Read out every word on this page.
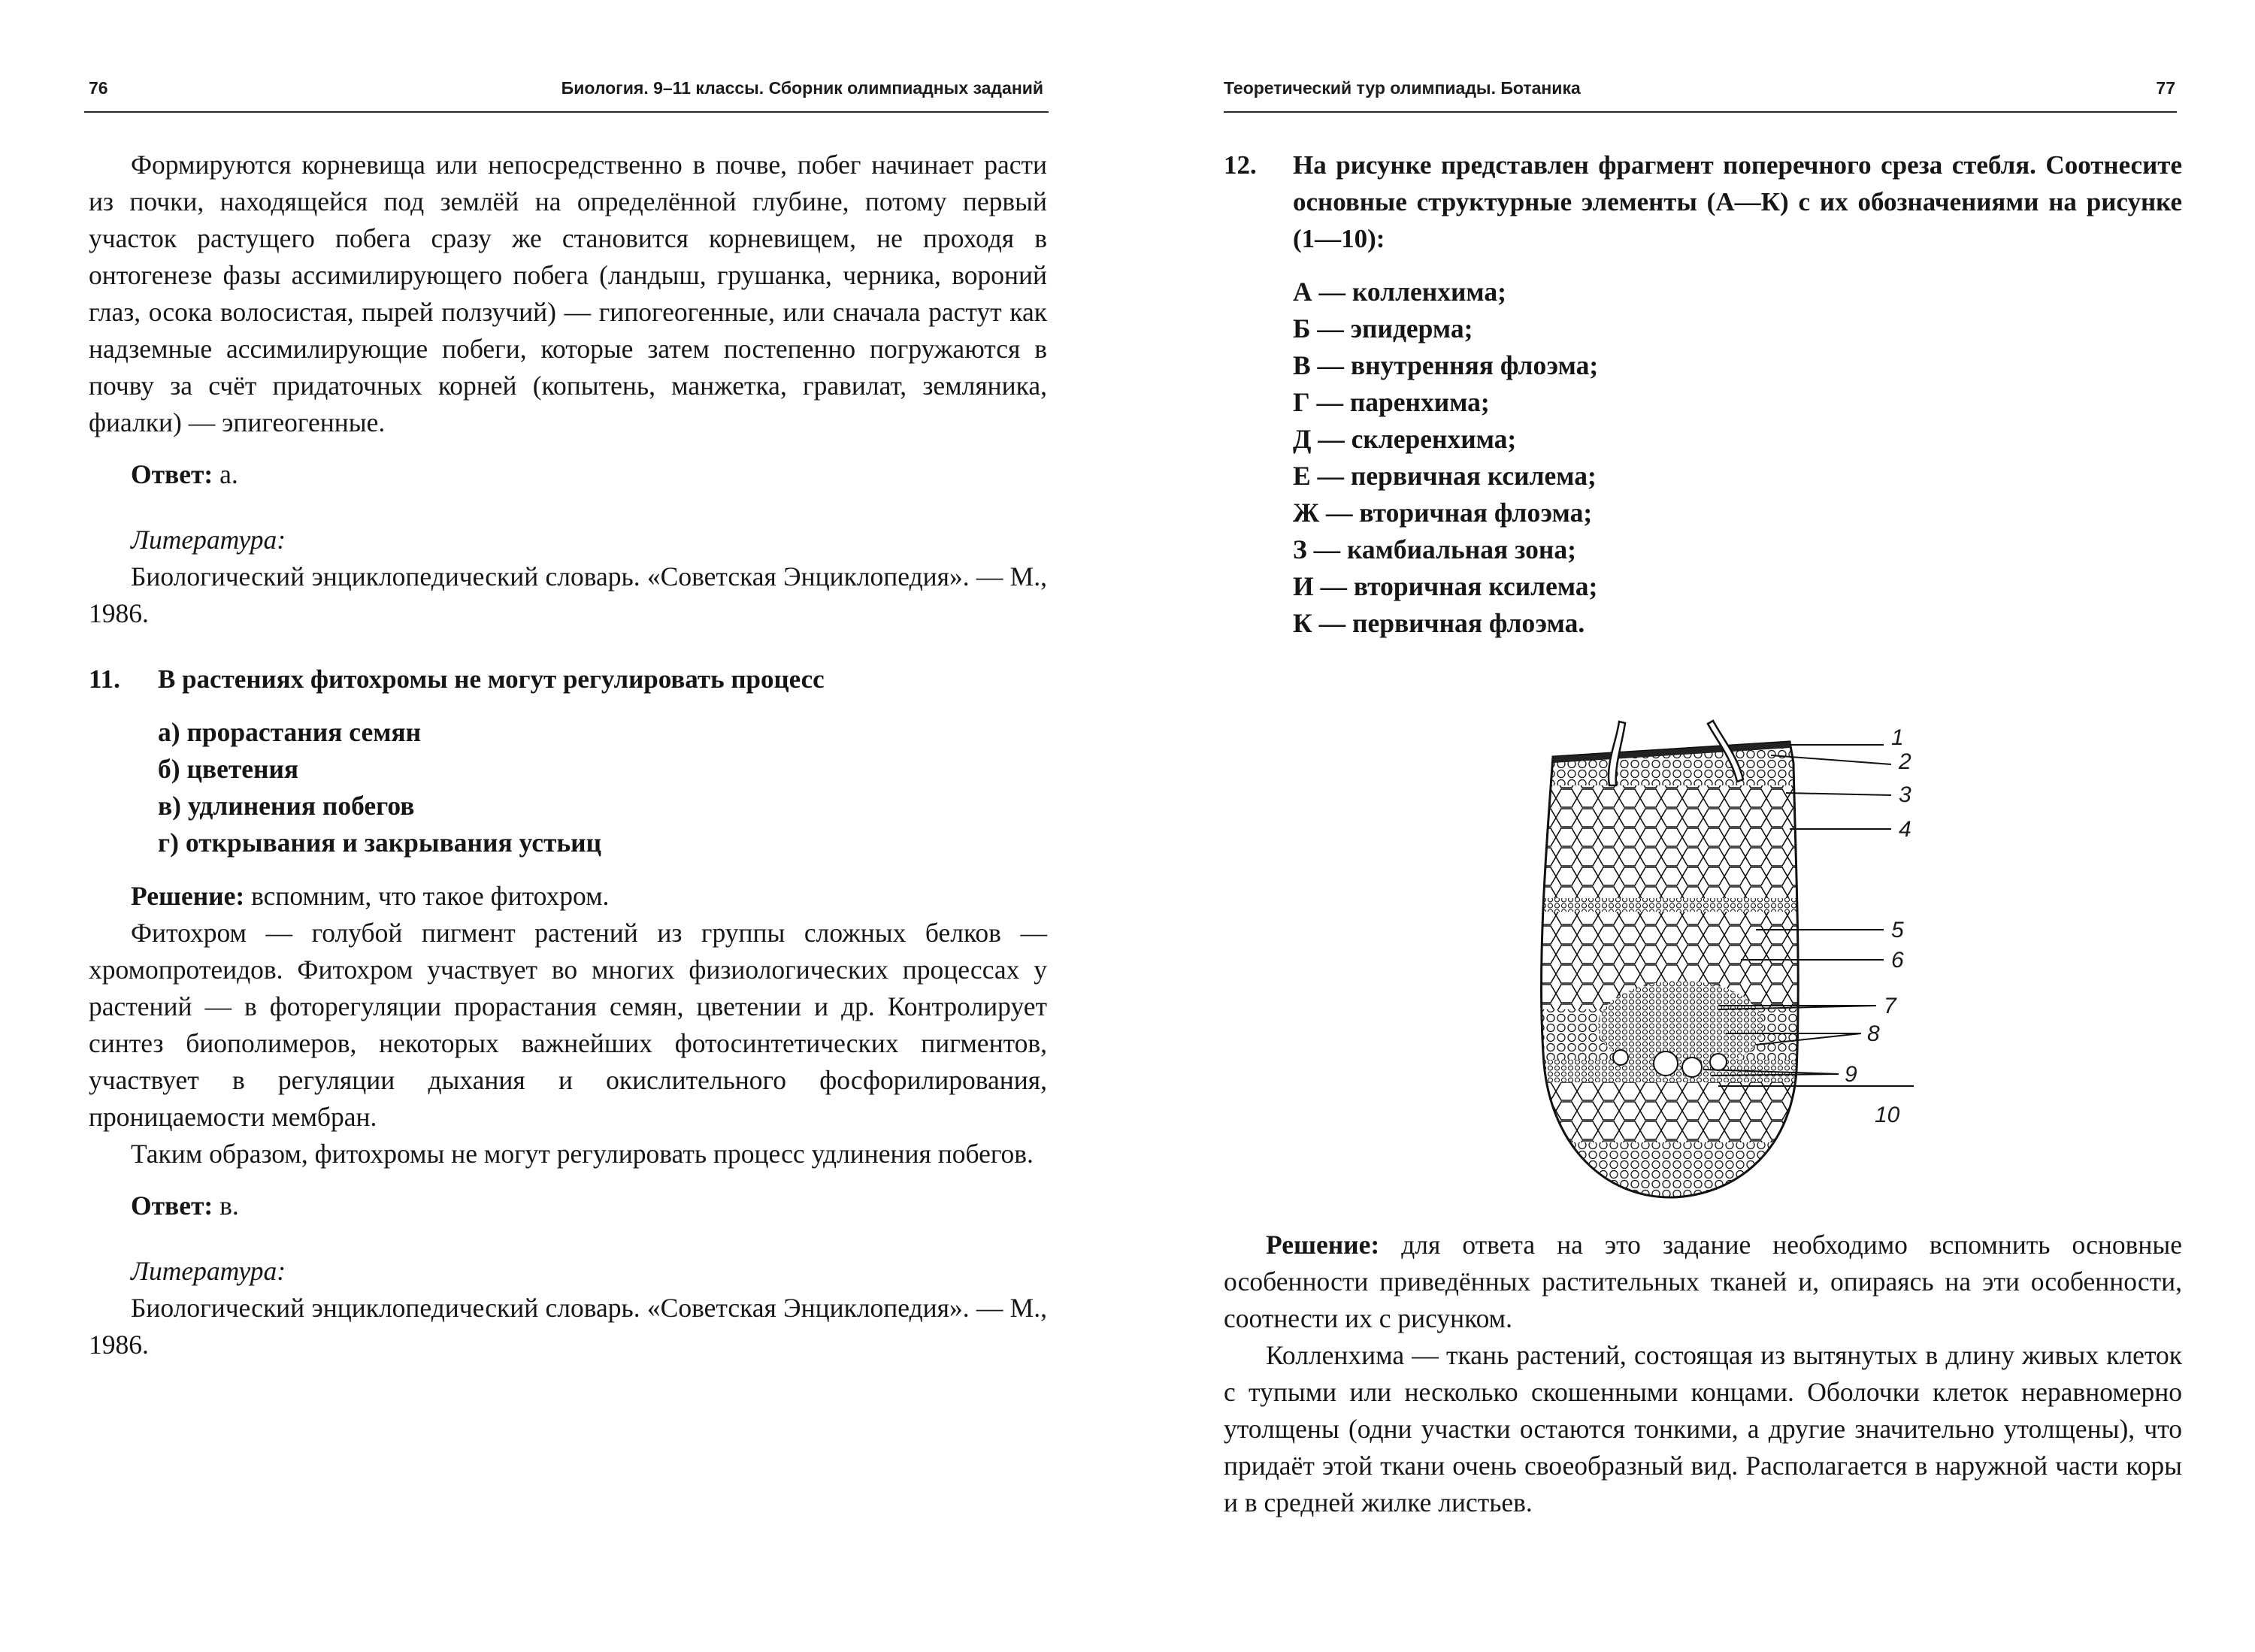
76	Биология. 9–11 классы. Сборник олимпиадных заданий

Формируются корневища или непосредственно в почве, побег начинает расти из почки, находящейся под землёй на определённой глубине, потому первый участок растущего побега сразу же становится корневищем, не проходя в онтогенезе фазы ассимилирующего побега (ландыш, грушанка, черника, вороний глаз, осока волосистая, пырей ползучий) — гипогеогенные, или сначала растут как надземные ассимилирующие побеги, которые затем постепенно погружаются в почву за счёт придаточных корней (копытень, манжетка, гравилат, земляника, фиалки) — эпигеогенные.

Ответ: а.

Литература:

Биологический энциклопедический словарь. «Советская Энциклопедия». — М., 1986.

11. В растениях фитохромы не могут регулировать процесс

а) прорастания семян
б) цветения
в) удлинения побегов
г) открывания и закрывания устьиц

Решение: вспомним, что такое фитохром.

Фитохром — голубой пигмент растений из группы сложных белков — хромопротеидов. Фитохром участвует во многих физиологических процессах у растений — в фоторегуляции прорастания семян, цветении и др. Контролирует синтез биополимеров, некоторых важнейших фотосинтетических пигментов, участвует в регуляции дыхания и окислительного фосфорилирования, проницаемости мембран.

Таким образом, фитохромы не могут регулировать процесс удлинения побегов.

Ответ: в.

Литература:

Биологический энциклопедический словарь. «Советская Энциклопедия». — М., 1986.

Теоретический тур олимпиады. Ботаника	77
12.	На рисунке представлен фрагмент поперечного среза стебля. Соотнесите основные структурные элементы (А—К) с их обозначениями на рисунке (1—10):

А — колленхима;
Б — эпидерма;
В — внутренняя флоэма;
Г — паренхима;
Д — склеренхима;
Е — первичная ксилема;
Ж — вторичная флоэма;
З — камбиальная зона;
И — вторичная ксилема;
К — первичная флоэма.
1
2
3
4
5
6
7
8
9
10

Решение: для ответа на это задание необходимо вспомнить основные особенности приведённых растительных тканей и, опираясь на эти особенности, соотнести их с рисунком.

Колленхима — ткань растений, состоящая из вытянутых в длину живых клеток с тупыми или несколько скошенными концами. Оболочки клеток неравномерно утолщены (одни участки остаются тонкими, а другие значительно утолщены), что придаёт этой ткани очень своеобразный вид. Располагается в наружной части коры и в средней жилке листьев.
